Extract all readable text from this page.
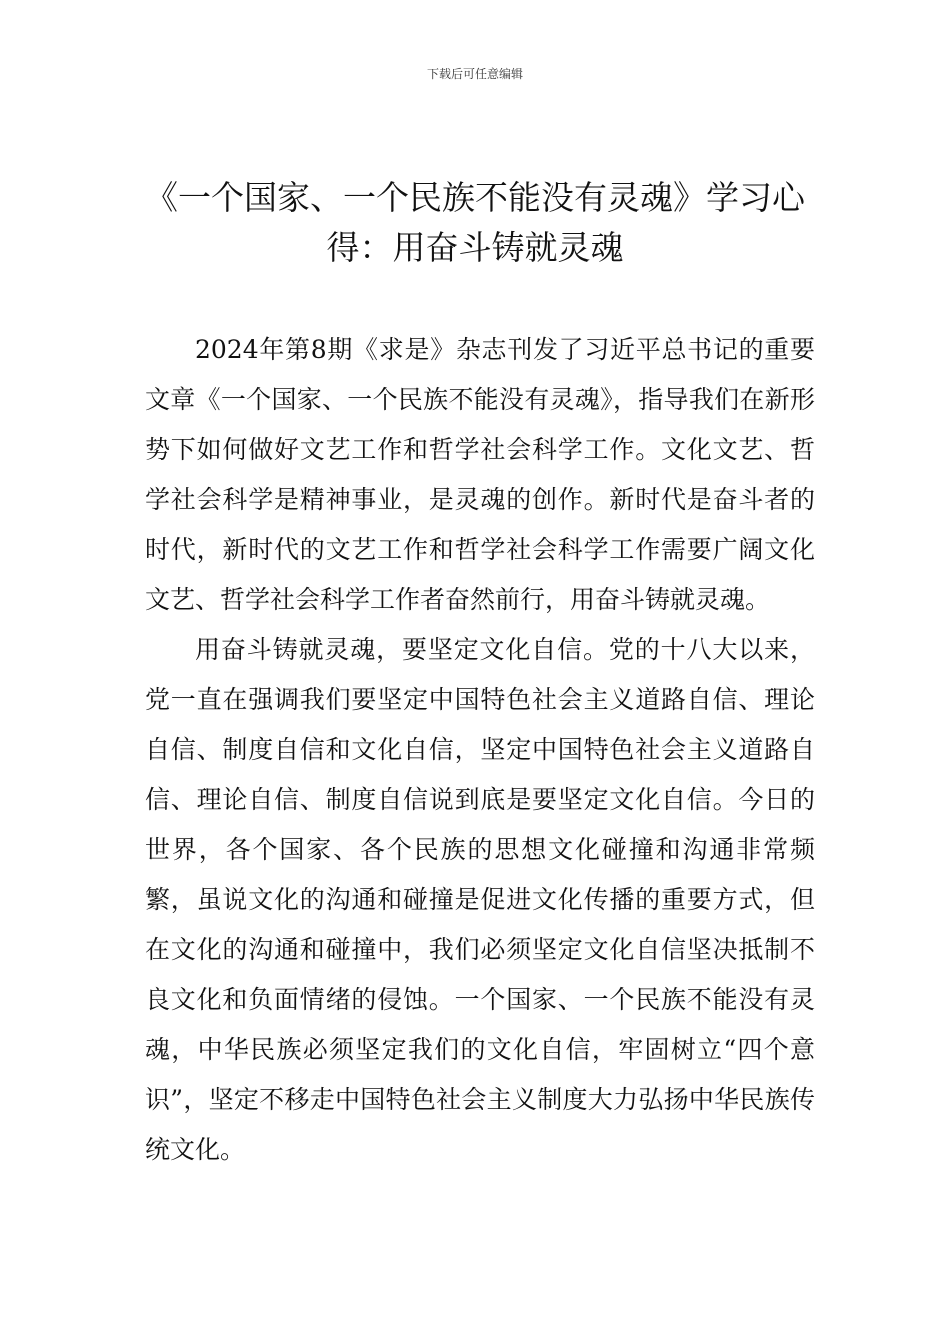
下载后可任意编辑
《一个国家、一个民族不能没有灵魂》学习心得：用奋斗铸就灵魂

2024年第8期《求是》杂志刊发了习近平总书记的重要文章《一个国家、一个民族不能没有灵魂》，指导我们在新形势下如何做好文艺工作和哲学社会科学工作。文化文艺、哲学社会科学是精神事业，是灵魂的创作。新时代是奋斗者的时代，新时代的文艺工作和哲学社会科学工作需要广阔文化文艺、哲学社会科学工作者奋然前行，用奋斗铸就灵魂。

用奋斗铸就灵魂，要坚定文化自信。党的十八大以来，党一直在强调我们要坚定中国特色社会主义道路自信、理论自信、制度自信和文化自信，坚定中国特色社会主义道路自信、理论自信、制度自信说到底是要坚定文化自信。今日的世界，各个国家、各个民族的思想文化碰撞和沟通非常频繁，虽说文化的沟通和碰撞是促进文化传播的重要方式，但在文化的沟通和碰撞中，我们必须坚定文化自信坚决抵制不良文化和负面情绪的侵蚀。一个国家、一个民族不能没有灵魂，中华民族必须坚定我们的文化自信，牢固树立“四个意识”，坚定不移走中国特色社会主义制度大力弘扬中华民族传统文化。
